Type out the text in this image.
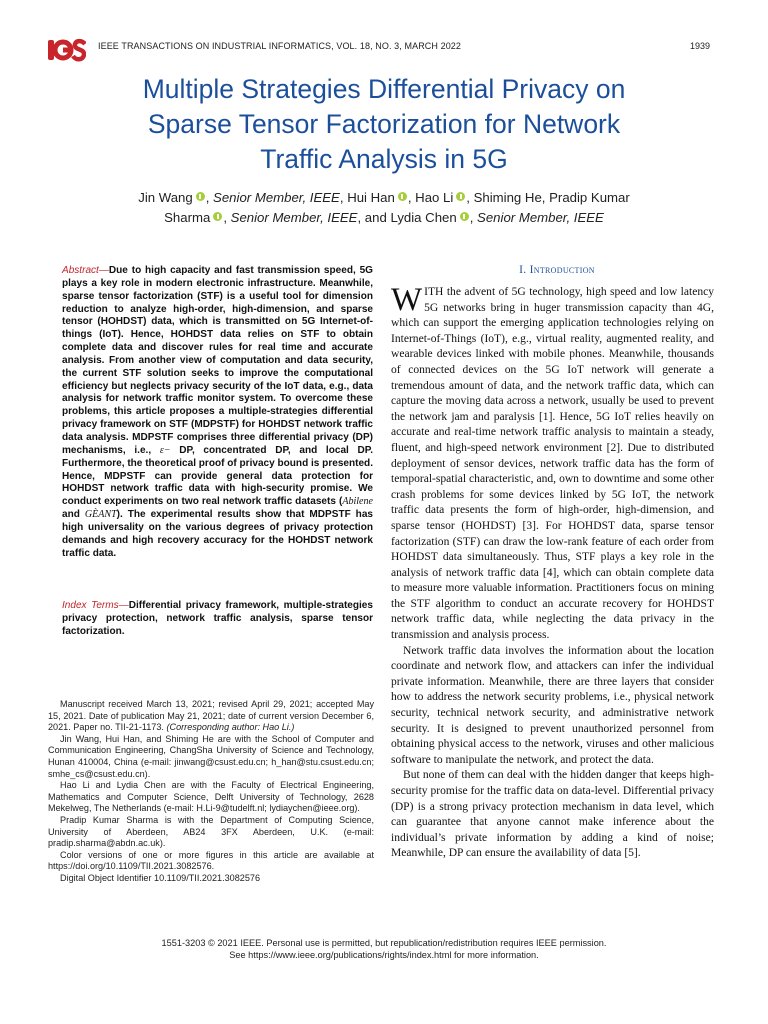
IEEE TRANSACTIONS ON INDUSTRIAL INFORMATICS, VOL. 18, NO. 3, MARCH 2022	1939
Multiple Strategies Differential Privacy on
Sparse Tensor Factorization for Network
Traffic Analysis in 5G
Jin Wang , Senior Member, IEEE, Hui Han , Hao Li , Shiming He, Pradip Kumar
Sharma , Senior Member, IEEE, and Lydia Chen , Senior Member, IEEE
Abstract—Due to high capacity and fast transmission speed, 5G plays a key role in modern electronic infrastructure. Meanwhile, sparse tensor factorization (STF) is a useful tool for dimension reduction to analyze high-order, high-dimension, and sparse tensor (HOHDST) data, which is transmitted on 5G Internet-of-things (IoT). Hence, HOHDST data relies on STF to obtain complete data and discover rules for real time and accurate analysis. From another view of computation and data security, the current STF solution seeks to improve the computational efficiency but neglects privacy security of the IoT data, e.g., data analysis for network traffic monitor system. To overcome these problems, this article proposes a multiple-strategies differential privacy framework on STF (MDPSTF) for HOHDST network traffic data analysis. MDPSTF comprises three differential privacy (DP) mechanisms, i.e., ε− DP, concentrated DP, and local DP. Furthermore, the theoretical proof of privacy bound is presented. Hence, MDPSTF can provide general data protection for HOHDST network traffic data with high-security promise. We conduct experiments on two real network traffic datasets (Abilene and GÈANT). The experimental results show that MDPSTF has high universality on the various degrees of privacy protection demands and high recovery accuracy for the HOHDST network traffic data.
Index Terms—Differential privacy framework, multiple-strategies privacy protection, network traffic analysis, sparse tensor factorization.

Manuscript received March 13, 2021; revised April 29, 2021; accepted May 15, 2021. Date of publication May 21, 2021; date of current version December 6, 2021. Paper no. TII-21-1173. (Corresponding author: Hao Li.)

Jin Wang, Hui Han, and Shiming He are with the School of Computer and Communication Engineering, ChangSha University of Science and Technology, Hunan 410004, China (e-mail: jinwang@csust.edu.cn; h_han@stu.csust.edu.cn; smhe_cs@csust.edu.cn).

Hao Li and Lydia Chen are with the Faculty of Electrical Engineering, Mathematics and Computer Science, Delft University of Technology, 2628 Mekelweg, The Netherlands (e-mail: H.Li-9@tudelft.nl; lydiaychen@ieee.org).

Pradip Kumar Sharma is with the Department of Computing Science, University of Aberdeen, AB24 3FX Aberdeen, U.K. (e-mail: pradip.sharma@abdn.ac.uk).

Color versions of one or more figures in this article are available at https://doi.org/10.1109/TII.2021.3082576.

Digital Object Identifier 10.1109/TII.2021.3082576

I. Introduction

WITH the advent of 5G technology, high speed and low latency 5G networks bring in huger transmission capacity than 4G, which can support the emerging application technologies relying on Internet-of-Things (IoT), e.g., virtual reality, augmented reality, and wearable devices linked with mobile phones. Meanwhile, thousands of connected devices on the 5G IoT network will generate a tremendous amount of data, and the network traffic data, which can capture the moving data across a network, usually be used to prevent the network jam and paralysis [1]. Hence, 5G IoT relies heavily on accurate and real-time network traffic analysis to maintain a steady, fluent, and high-speed network environment [2]. Due to distributed deployment of sensor devices, network traffic data has the form of temporal-spatial characteristic, and, own to downtime and some other crash problems for some devices linked by 5G IoT, the network traffic data presents the form of high-order, high-dimension, and sparse tensor (HOHDST) [3]. For HOHDST data, sparse tensor factorization (STF) can draw the low-rank feature of each order from HOHDST data simultaneously. Thus, STF plays a key role in the analysis of network traffic data [4], which can obtain complete data to measure more valuable information. Practitioners focus on mining the STF algorithm to conduct an accurate recovery for HOHDST network traffic data, while neglecting the data privacy in the transmission and analysis process.

Network traffic data involves the information about the location coordinate and network flow, and attackers can infer the individual private information. Meanwhile, there are three layers that consider how to address the network security problems, i.e., physical network security, technical network security, and administrative network security. It is designed to prevent unauthorized personnel from obtaining physical access to the network, viruses and other malicious software to manipulate the network, and protect the data.

But none of them can deal with the hidden danger that keeps high-security promise for the traffic data on data-level. Differential privacy (DP) is a strong privacy protection mechanism in data level, which can guarantee that anyone cannot make inference about the individual’s private information by adding a kind of noise; Meanwhile, DP can ensure the availability of data [5].

1551-3203 © 2021 IEEE. Personal use is permitted, but republication/redistribution requires IEEE permission.
See https://www.ieee.org/publications/rights/index.html for more information.
